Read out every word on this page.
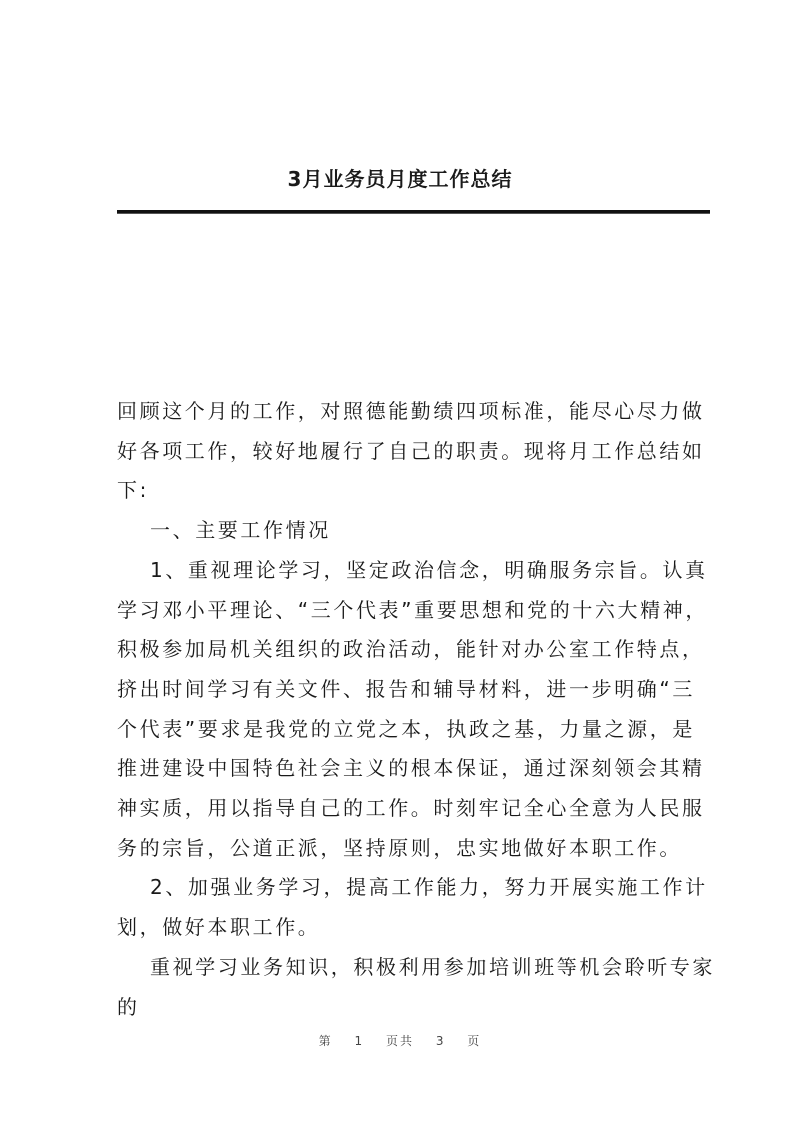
3月业务员月度工作总结

回顾这个月的工作，对照德能勤绩四项标准，能尽心尽力做好各项工作，较好地履行了自己的职责。现将月工作总结如下:

一、主要工作情况

1、重视理论学习，坚定政治信念，明确服务宗旨。认真学习邓小平理论、“三个代表”重要思想和党的十六大精神，积极参加局机关组织的政治活动，能针对办公室工作特点，挤出时间学习有关文件、报告和辅导材料，进一步明确“三个代表”要求是我党的立党之本，执政之基，力量之源，是推进建设中国特色社会主义的根本保证，通过深刻领会其精神实质，用以指导自己的工作。时刻牢记全心全意为人民服务的宗旨，公道正派，坚持原则，忠实地做好本职工作。

2、加强业务学习，提高工作能力，努力开展实施工作计划，做好本职工作。

重视学习业务知识，积极利用参加培训班等机会聆听专家的

第 1 页共 3 页
